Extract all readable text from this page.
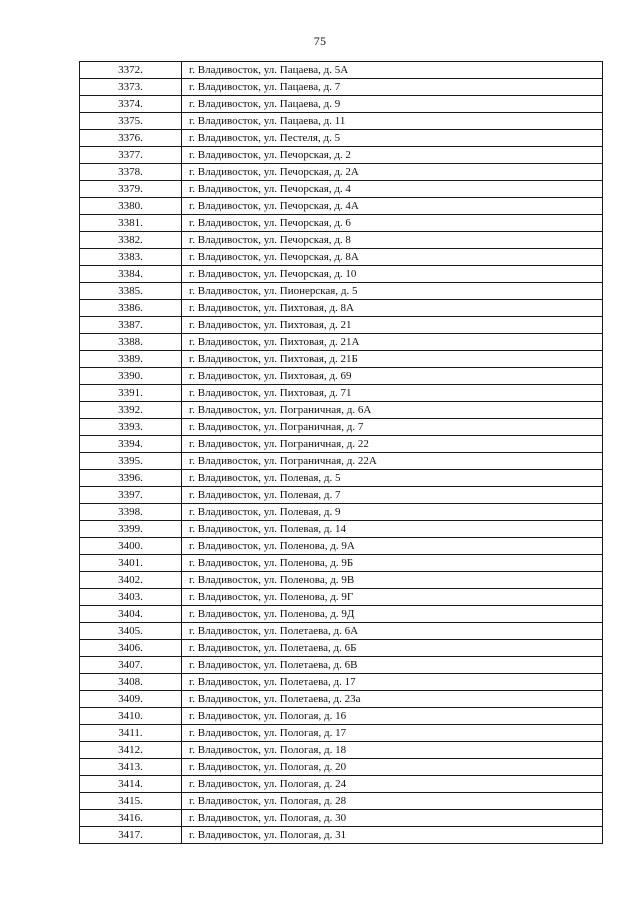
75
3372.	г. Владивосток, ул. Пацаева, д. 5А
3373.	г. Владивосток, ул. Пацаева, д. 7
3374.	г. Владивосток, ул. Пацаева, д. 9
3375.	г. Владивосток, ул. Пацаева, д. 11
3376.	г. Владивосток, ул. Пестеля, д. 5
3377.	г. Владивосток, ул. Печорская, д. 2
3378.	г. Владивосток, ул. Печорская, д. 2А
3379.	г. Владивосток, ул. Печорская, д. 4
3380.	г. Владивосток, ул. Печорская, д. 4А
3381.	г. Владивосток, ул. Печорская, д. 6
3382.	г. Владивосток, ул. Печорская, д. 8
3383.	г. Владивосток, ул. Печорская, д. 8А
3384.	г. Владивосток, ул. Печорская, д. 10
3385.	г. Владивосток, ул. Пионерская, д. 5
3386.	г. Владивосток, ул. Пихтовая, д. 8А
3387.	г. Владивосток, ул. Пихтовая, д. 21
3388.	г. Владивосток, ул. Пихтовая, д. 21А
3389.	г. Владивосток, ул. Пихтовая, д. 21Б
3390.	г. Владивосток, ул. Пихтовая, д. 69
3391.	г. Владивосток, ул. Пихтовая, д. 71
3392.	г. Владивосток, ул. Пограничная, д. 6А
3393.	г. Владивосток, ул. Пограничная, д. 7
3394.	г. Владивосток, ул. Пограничная, д. 22
3395.	г. Владивосток, ул. Пограничная, д. 22А
3396.	г. Владивосток, ул. Полевая, д. 5
3397.	г. Владивосток, ул. Полевая, д. 7
3398.	г. Владивосток, ул. Полевая, д. 9
3399.	г. Владивосток, ул. Полевая, д. 14
3400.	г. Владивосток, ул. Поленова, д. 9А
3401.	г. Владивосток, ул. Поленова, д. 9Б
3402.	г. Владивосток, ул. Поленова, д. 9В
3403.	г. Владивосток, ул. Поленова, д. 9Г
3404.	г. Владивосток, ул. Поленова, д. 9Д
3405.	г. Владивосток, ул. Полетаева, д. 6А
3406.	г. Владивосток, ул. Полетаева, д. 6Б
3407.	г. Владивосток, ул. Полетаева, д. 6В
3408.	г. Владивосток, ул. Полетаева, д. 17
3409.	г. Владивосток, ул. Полетаева, д. 23а
3410.	г. Владивосток, ул. Пологая, д. 16
3411.	г. Владивосток, ул. Пологая, д. 17
3412.	г. Владивосток, ул. Пологая, д. 18
3413.	г. Владивосток, ул. Пологая, д. 20
3414.	г. Владивосток, ул. Пологая, д. 24
3415.	г. Владивосток, ул. Пологая, д. 28
3416.	г. Владивосток, ул. Пологая, д. 30
3417.	г. Владивосток, ул. Пологая, д. 31
